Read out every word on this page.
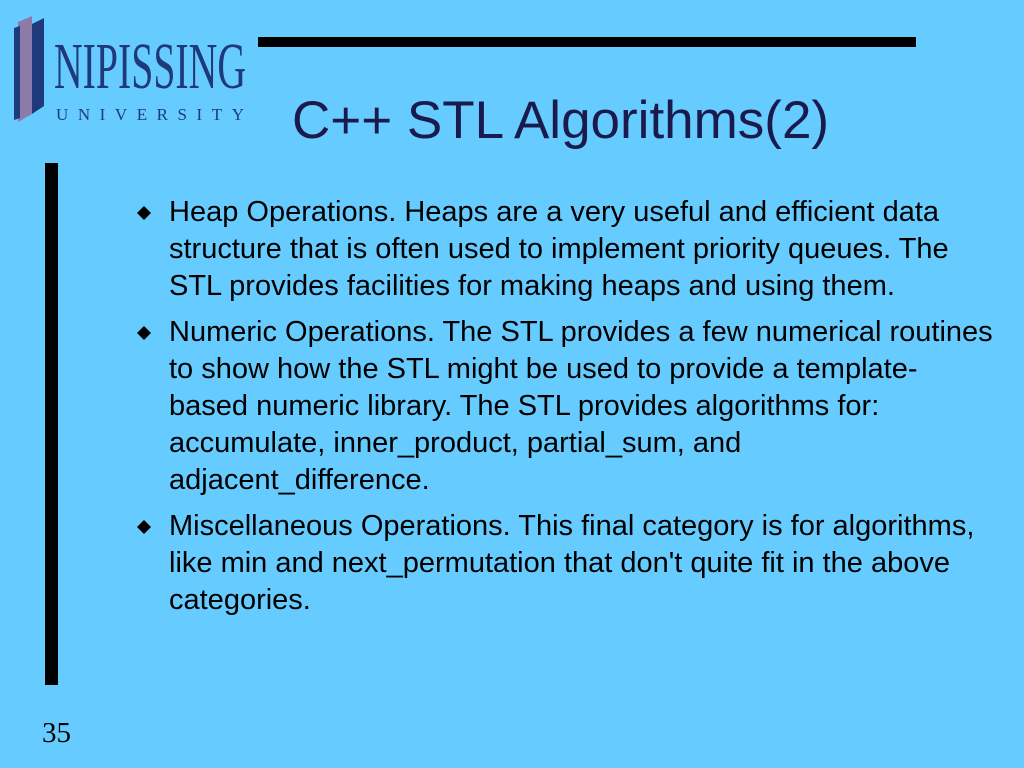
NIPISSING
UNIVERSITY C++ STL Algorithms(2)
Heap Operations. Heaps are a very useful and efficient data structure that is often used to implement priority queues. The STL provides facilities for making heaps and using them.
Numeric Operations. The STL provides a few numerical routines to show how the STL might be used to provide a template-based numeric library. The STL provides algorithms for: accumulate, inner_product, partial_sum, and adjacent_difference.
Miscellaneous Operations. This final category is for algorithms, like min and next_permutation that don't quite fit in the above categories.
35
